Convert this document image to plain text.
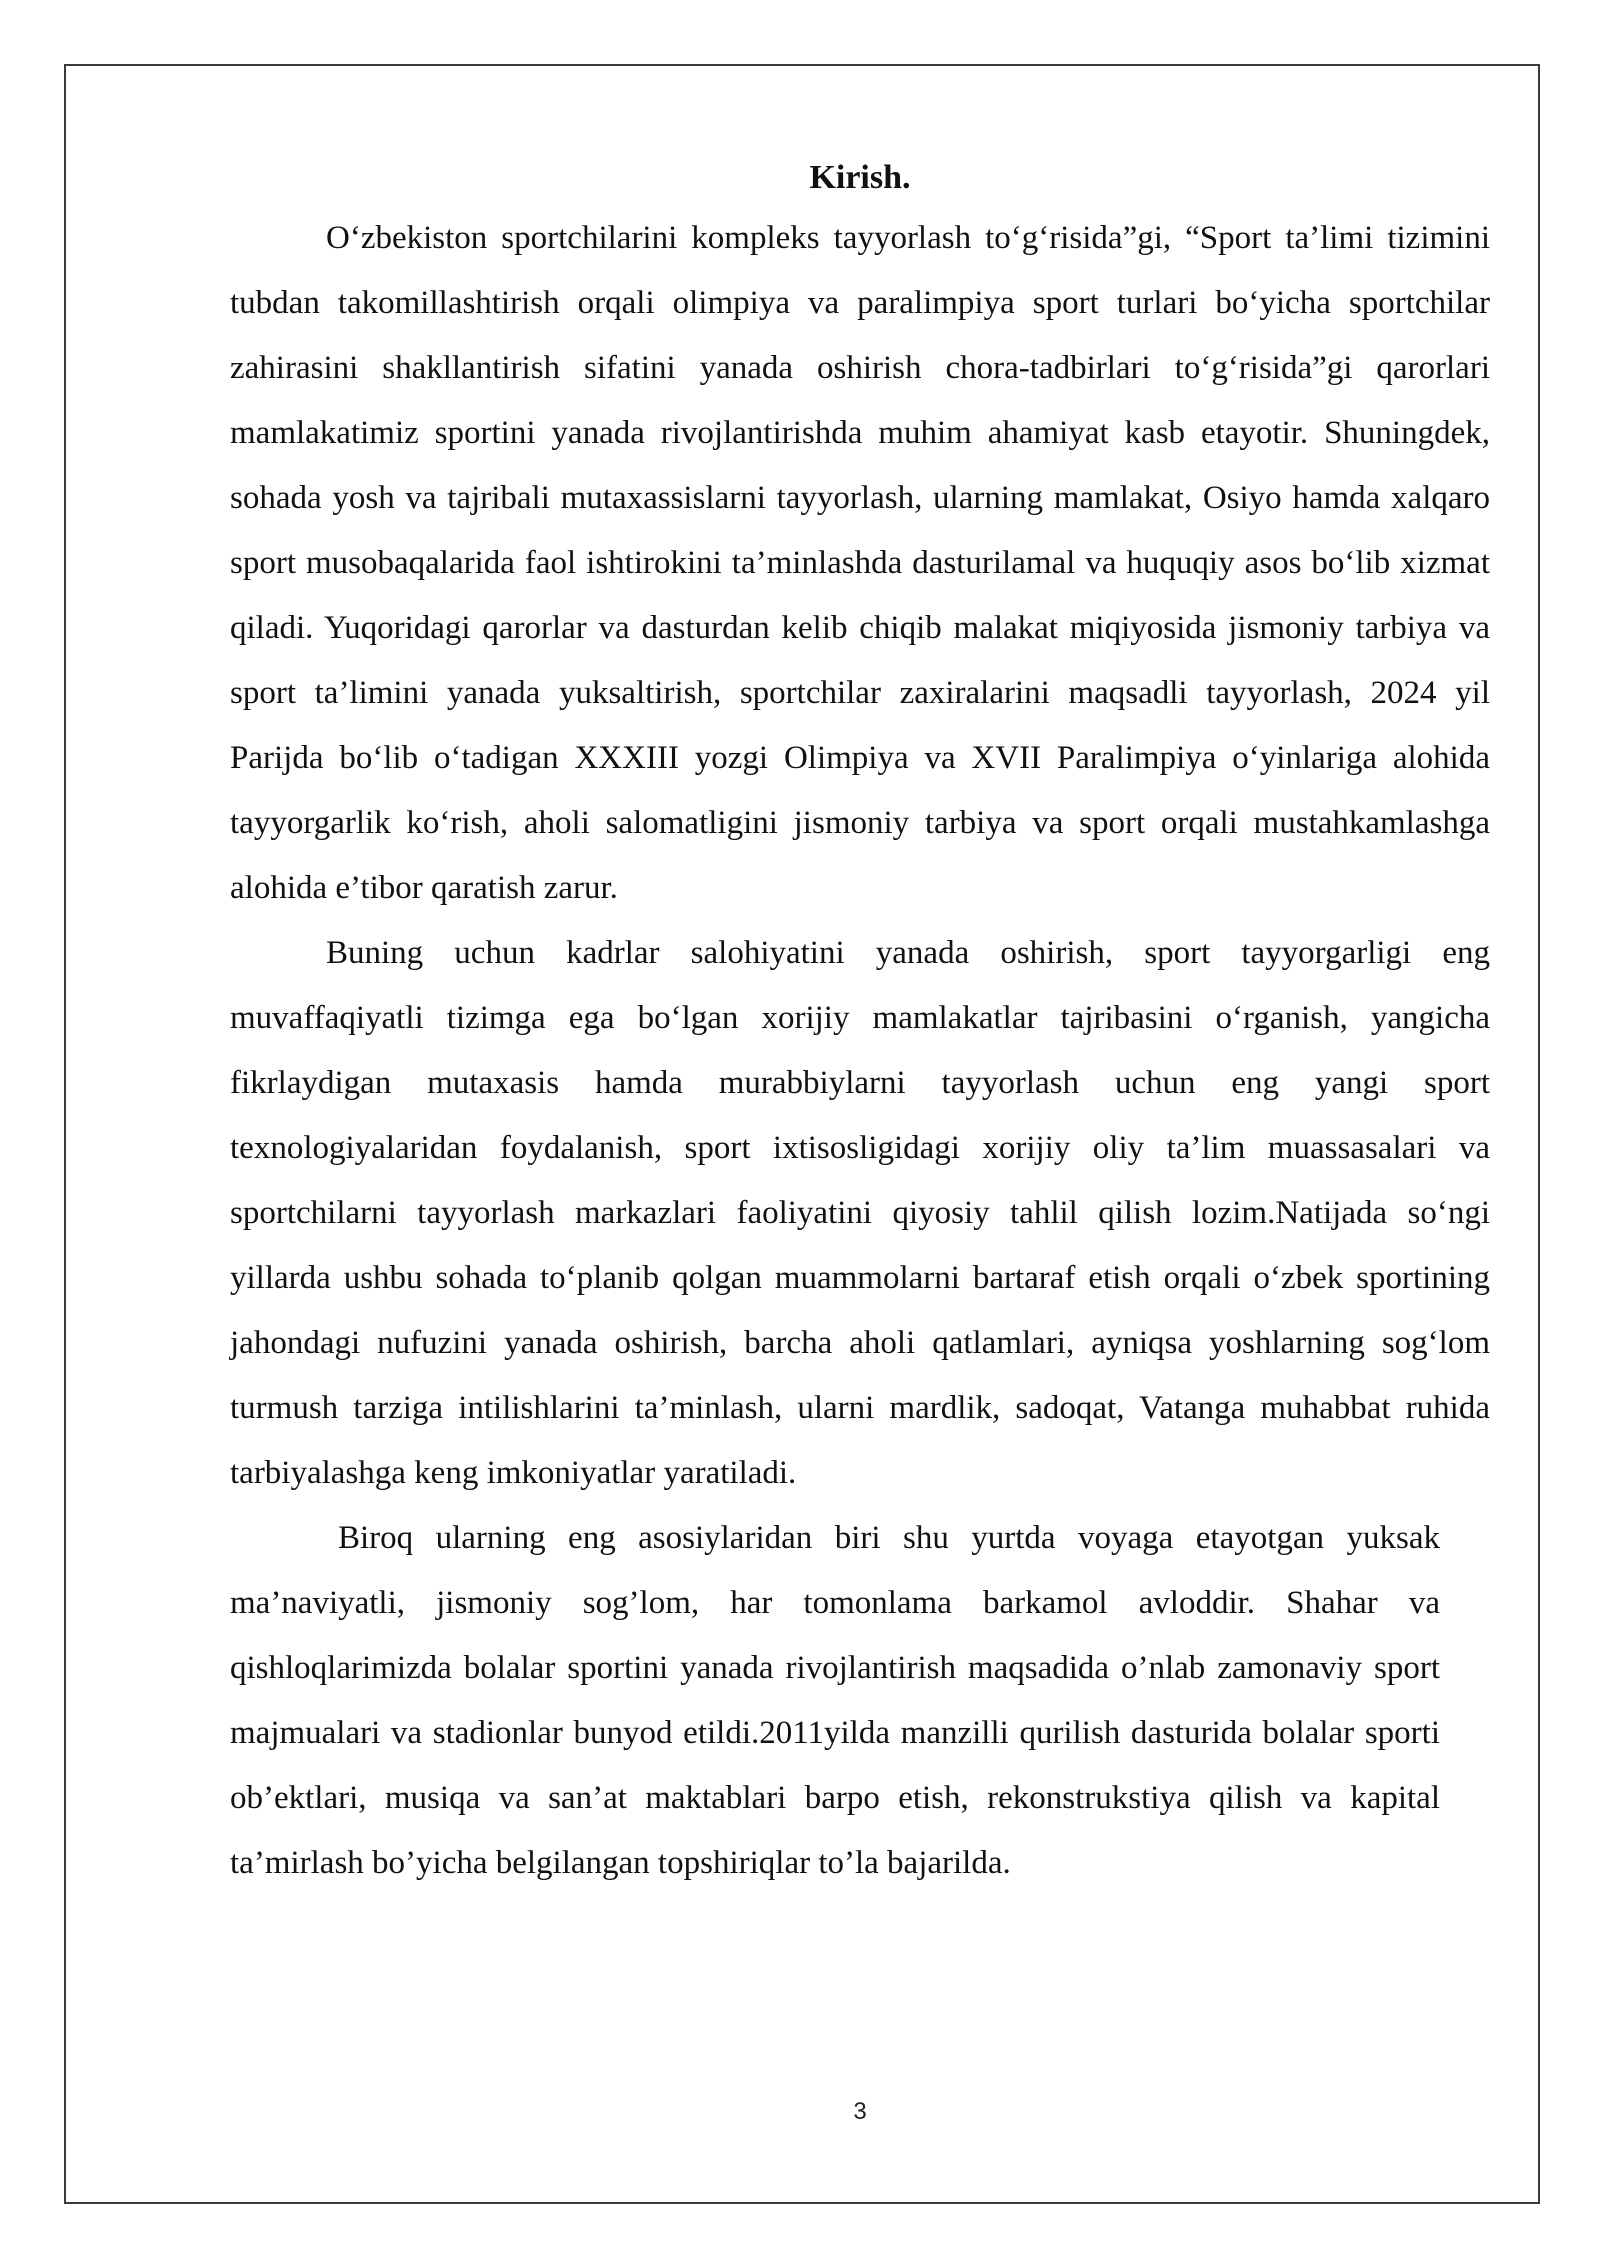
Kirish.

O‘zbekiston sportchilarini kompleks tayyorlash to‘g‘risida”gi, “Sport ta’limi tizimini tubdan takomillashtirish orqali olimpiya va paralimpiya sport turlari bo‘yicha sportchilar zahirasini shakllantirish sifatini yanada oshirish chora-tadbirlari to‘g‘risida”gi qarorlari mamlakatimiz sportini yanada rivojlantirishda muhim ahamiyat kasb etayotir. Shuningdek, sohada yosh va tajribali mutaxassislarni tayyorlash, ularning mamlakat, Osiyo hamda xalqaro sport musobaqalarida faol ishtirokini ta’minlashda dasturilamal va huquqiy asos bo‘lib xizmat qiladi. Yuqoridagi qarorlar va dasturdan kelib chiqib malakat miqiyosida jismoniy tarbiya va sport ta’limini yanada yuksaltirish, sportchilar zaxiralarini maqsadli tayyorlash, 2024 yil Parijda bo‘lib o‘tadigan XXXIII yozgi Olimpiya va XVII Paralimpiya o‘yinlariga alohida tayyorgarlik ko‘rish, aholi salomatligini jismoniy tarbiya va sport orqali mustahkamlashga alohida e’tibor qaratish zarur.

Buning uchun kadrlar salohiyatini yanada oshirish, sport tayyorgarligi eng muvaffaqiyatli tizimga ega bo‘lgan xorijiy mamlakatlar tajribasini o‘rganish, yangicha fikrlaydigan mutaxasis hamda murabbiylarni tayyorlash uchun eng yangi sport texnologiyalaridan foydalanish, sport ixtisosligidagi xorijiy oliy ta’lim muassasalari va sportchilarni tayyorlash markazlari faoliyatini qiyosiy tahlil qilish lozim.Natijada so‘ngi yillarda ushbu sohada to‘planib qolgan muammolarni bartaraf etish orqali o‘zbek sportining jahondagi nufuzini yanada oshirish, barcha aholi qatlamlari, ayniqsa yoshlarning sog‘lom turmush tarziga intilishlarini ta’minlash, ularni mardlik, sadoqat, Vatanga muhabbat ruhida tarbiyalashga keng imkoniyatlar yaratiladi.

Biroq ularning eng asosiylaridan biri shu yurtda voyaga etayotgan yuksak ma’naviyatli, jismoniy sog’lom, har tomonlama barkamol avloddir. Shahar va qishloqlarimizda bolalar sportini yanada rivojlantirish maqsadida o’nlab zamonaviy sport majmualari va stadionlar bunyod etildi.2011yilda manzilli qurilish dasturida bolalar sporti ob’ektlari, musiqa va san’at maktablari barpo etish, rekonstrukstiya qilish va kapital ta’mirlash bo’yicha belgilangan topshiriqlar to’la bajarilda.

3
